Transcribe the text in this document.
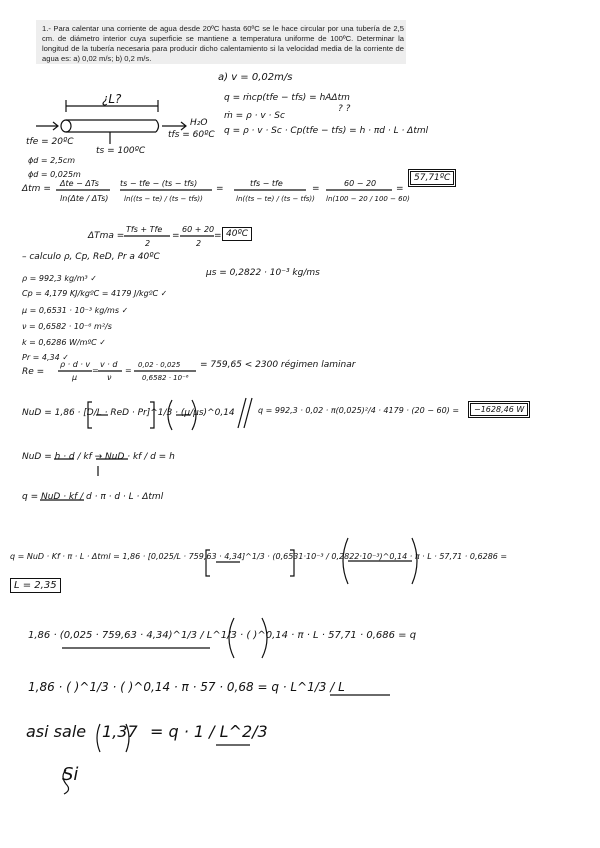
1.- Para calentar una corriente de agua desde 20ºC hasta 60ºC se le hace circular por una tubería de 2,5 cm. de diámetro interior cuya superficie se mantiene a temperatura uniforme de 100ºC. Determinar la longitud de la tubería necesaria para producir dicho calentamiento si la velocidad media de la corriente de agua es: a) 0,02 m/s; b) 0,2 m/s.
¿L?
tfe = 20ºC
H₂O
tfs = 60ºC
ts = 100ºC
ϕd = 2,5cm
ϕd = 0,025m
a) v = 0,02m/s
q = ṁcp(tfe − tfs) = hAΔtm
? ?
ṁ = ρ · v · Sc
q = ρ · v · Sc · Cp(tfe − tfs) = h · πd · L · Δtml
Δtm =
Δte − ΔTs
ln(Δte / ΔTs)
ts − tfe − (ts − tfs)
ln((ts − te) / (ts − tfs))
=
tfs − tfe
ln((ts − te) / (ts − tfs))
=
60 − 20
ln(100 − 20 / 100 − 60)
=
57,71ºC
ΔTma =
Tfs + Tfe
2
=
60 + 20
2
= 40ºC
– calculo ρ, Cp, ReD, Pr a 40ºC
μs = 0,2822 · 10⁻³ kg/ms
ρ = 992,3 kg/m³ ✓
Cp = 4,179 KJ/kgºC = 4179 J/kgºC ✓
μ = 0,6531 · 10⁻³ kg/ms ✓
ν = 0,6582 · 10⁻⁶ m²/s
k = 0,6286 W/mºC ✓
Pr = 4,34 ✓
Re =
ρ · d · v
μ
=
v · d
ν
=
0,02 · 0,025
0,6582 · 10⁻⁶
= 759,65 < 2300 régimen laminar
NuD = 1,86 · [D/L · ReD · Pr]^1/3 · (μ/μs)^0,14	q = 992,3 · 0,02 · π(0,025)²/4 · 4179 · (20 − 60) =	−1628,46 W
NuD = h · d / kf → NuD · kf / d = h
q = NuD · kf / d · π · d · L · Δtml
q = NuD · Kf · π · L · Δtml = 1,86 · [0,025/L · 759,63 · 4,34]^1/3 · (0,6531·10⁻³ / 0,2822·10⁻³)^0,14 · π · L · 57,71 · 0,6286 =
L = 2,35
1,86 · (0,025 · 759,63 · 4,34)^1/3 / L^1/3 · ( )^0,14 · π · L · 57,71 · 0,686 = q
1,86 · ( )^1/3 · ( )^0,14 · π · 57 · 0,68 = q · L^1/3 / L
asi sale 1,37 = q · 1 / L^2/3
Si
